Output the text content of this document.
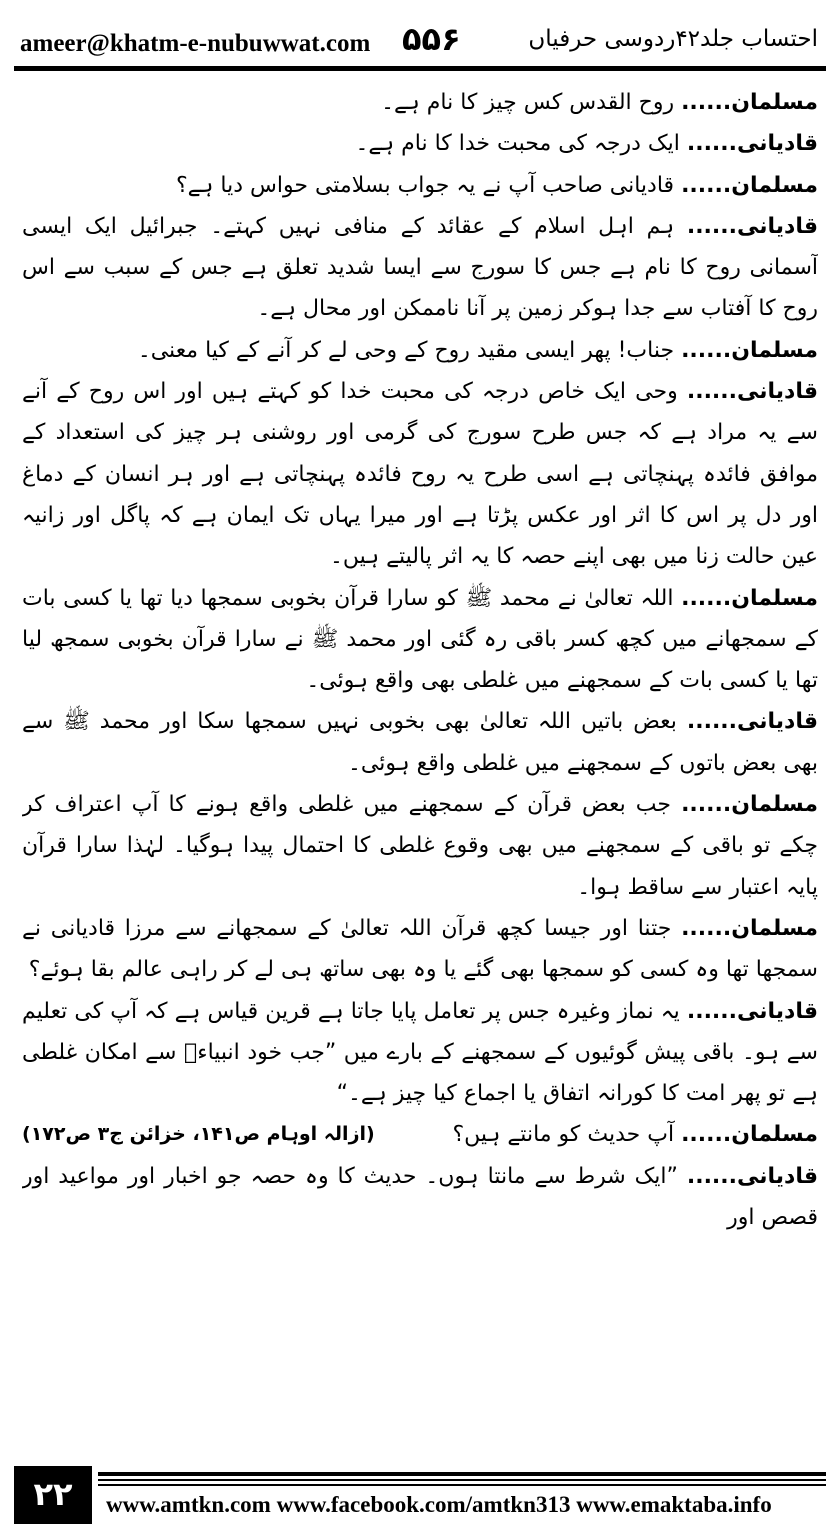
ameer@khatm-e-nubuwwat.com ۵۵۶	احتساب جلد۴۲ردوسی حرفیاں

مسلمان...... روح القدس کس چیز کا نام ہے۔

قادیانی...... ایک درجہ کی محبت خدا کا نام ہے۔

مسلمان...... قادیانی صاحب آپ نے یہ جواب بسلامتی حواس دیا ہے؟

قادیانی...... ہم اہل اسلام کے عقائد کے منافی نہیں کہتے۔ جبرائیل ایک ایسی آسمانی روح کا نام ہے جس کا سورج سے ایسا شدید تعلق ہے جس کے سبب سے اس روح کا آفتاب سے جدا ہوکر زمین پر آنا ناممکن اور محال ہے۔

مسلمان...... جناب! پھر ایسی مقید روح کے وحی لے کر آنے کے کیا معنی۔

قادیانی...... وحی ایک خاص درجہ کی محبت خدا کو کہتے ہیں اور اس روح کے آنے سے یہ مراد ہے کہ جس طرح سورج کی گرمی اور روشنی ہر چیز کی استعداد کے موافق فائدہ پہنچاتی ہے اسی طرح یہ روح فائدہ پہنچاتی ہے اور ہر انسان کے دماغ اور دل پر اس کا اثر اور عکس پڑتا ہے اور میرا یہاں تک ایمان ہے کہ پاگل اور زانیہ عین حالت زنا میں بھی اپنے حصہ کا یہ اثر پالیتے ہیں۔

مسلمان...... اللہ تعالیٰ نے محمد ﷺ کو سارا قرآن بخوبی سمجھا دیا تھا یا کسی بات کے سمجھانے میں کچھ کسر باقی رہ گئی اور محمد ﷺ نے سارا قرآن بخوبی سمجھ لیا تھا یا کسی بات کے سمجھنے میں غلطی بھی واقع ہوئی۔

قادیانی...... بعض باتیں اللہ تعالیٰ بھی بخوبی نہیں سمجھا سکا اور محمد ﷺ سے بھی بعض باتوں کے سمجھنے میں غلطی واقع ہوئی۔

مسلمان...... جب بعض قرآن کے سمجھنے میں غلطی واقع ہونے کا آپ اعتراف کر چکے تو باقی کے سمجھنے میں بھی وقوع غلطی کا احتمال پیدا ہوگیا۔ لہٰذا سارا قرآن پایہ اعتبار سے ساقط ہوا۔

مسلمان...... جتنا اور جیسا کچھ قرآن اللہ تعالیٰ کے سمجھانے سے مرزا قادیانی نے سمجھا تھا وہ کسی کو سمجھا بھی گئے یا وہ بھی ساتھ ہی لے کر راہی عالم بقا ہوئے؟

قادیانی...... یہ نماز وغیرہ جس پر تعامل پایا جاتا ہے قرین قیاس ہے کہ آپ کی تعلیم سے ہو۔ باقی پیش گوئیوں کے سمجھنے کے بارے میں ”جب خود انبیاءؑ سے امکان غلطی ہے تو پھر امت کا کورانہ اتفاق یا اجماع کیا چیز ہے۔“
(ازالہ اوہام ص۱۴۱، خزائن ج۳ ص۱۷۲)	مسلمان...... آپ حدیث کو مانتے ہیں؟

قادیانی...... ”ایک شرط سے مانتا ہوں۔ حدیث کا وہ حصہ جو اخبار اور مواعید اور قصص اور

۲۲	www.amtkn.com www.facebook.com/amtkn313 www.emaktaba.info
